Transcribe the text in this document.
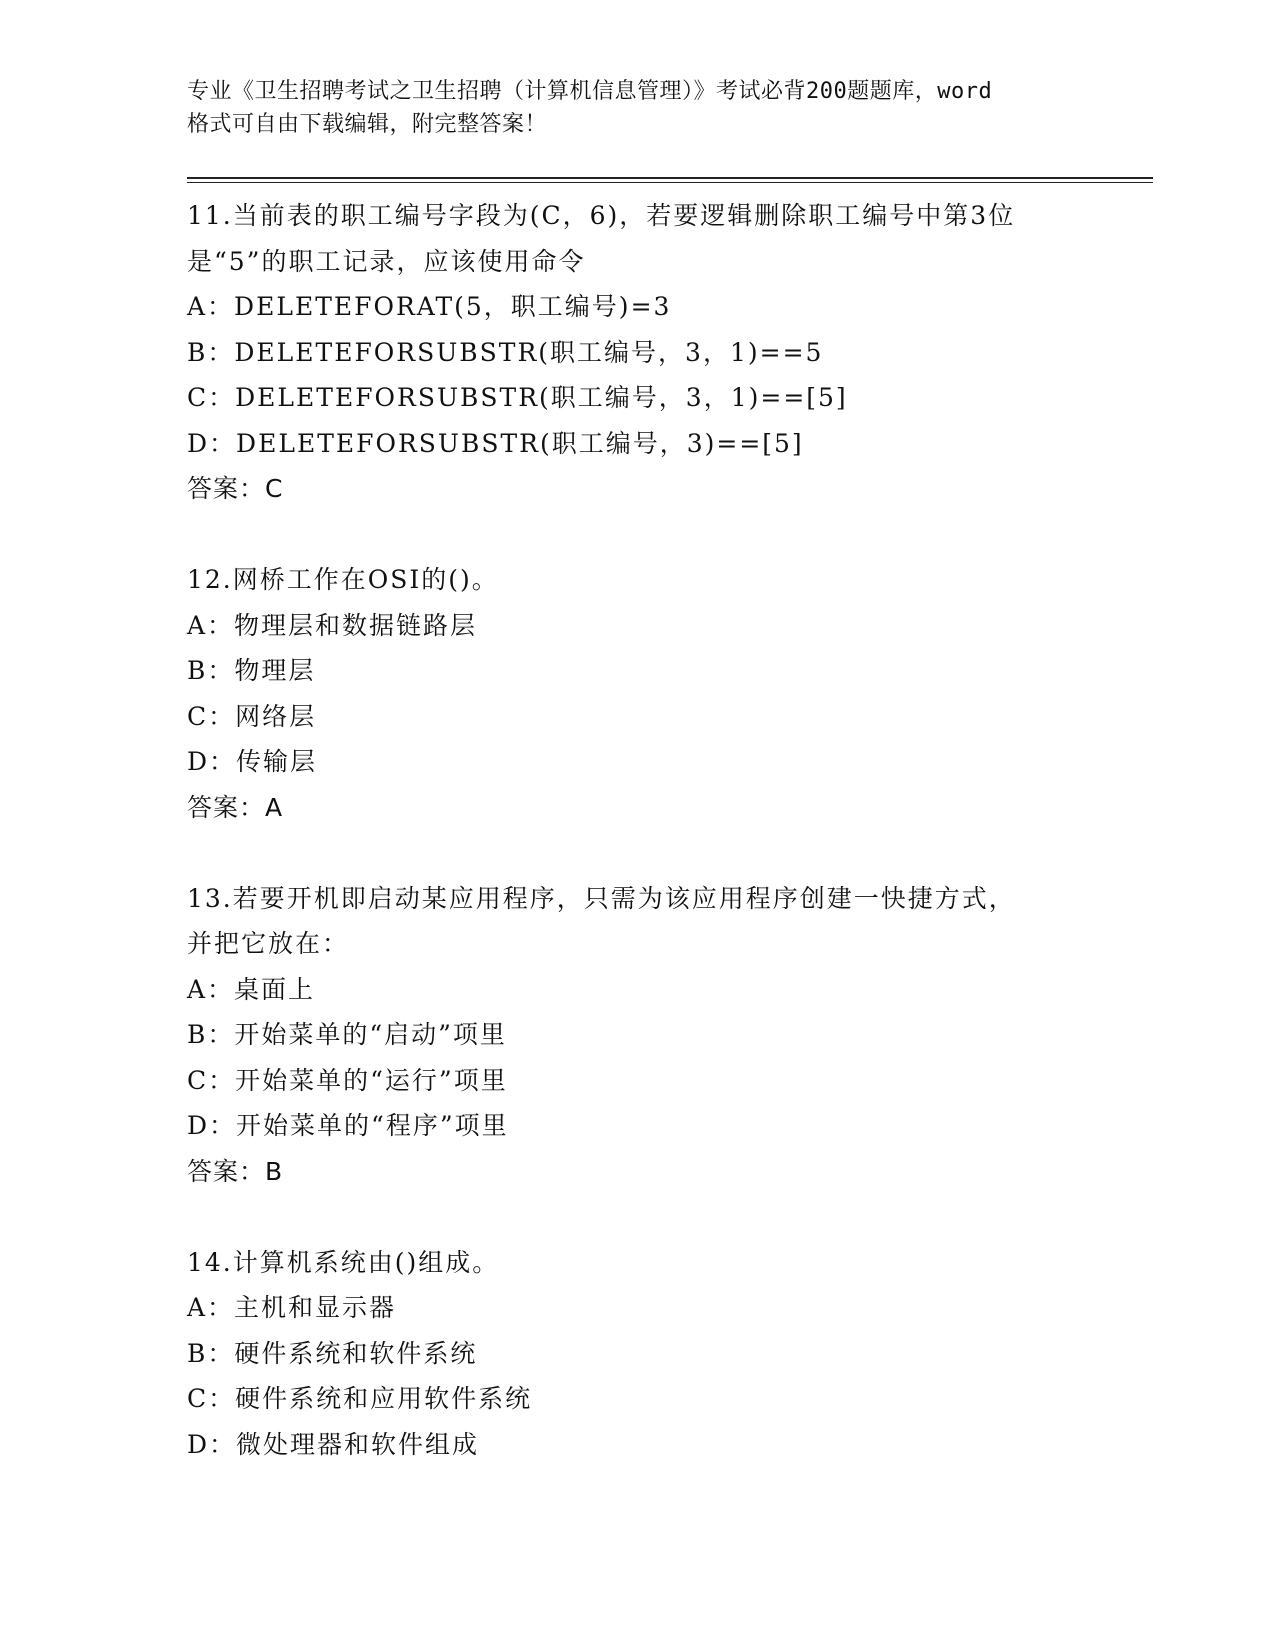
专业《卫生招聘考试之卫生招聘（计算机信息管理）》考试必背200题题库，word
格式可自由下载编辑，附完整答案！
11.当前表的职工编号字段为(C，6)，若要逻辑删除职工编号中第3位
是“5”的职工记录，应该使用命令
A：DELETEFORAT(5，职工编号)=3
B：DELETEFORSUBSTR(职工编号，3，1)==5
C：DELETEFORSUBSTR(职工编号，3，1)==[5]
D：DELETEFORSUBSTR(职工编号，3)==[5]
答案：C
12.网桥工作在OSI的()。
A：物理层和数据链路层
B：物理层
C：网络层
D：传输层
答案：A
13.若要开机即启动某应用程序，只需为该应用程序创建一快捷方式，
并把它放在：
A：桌面上
B：开始菜单的“启动”项里
C：开始菜单的“运行”项里
D：开始菜单的“程序”项里
答案：B
14.计算机系统由()组成。
A：主机和显示器
B：硬件系统和软件系统
C：硬件系统和应用软件系统
D：微处理器和软件组成
